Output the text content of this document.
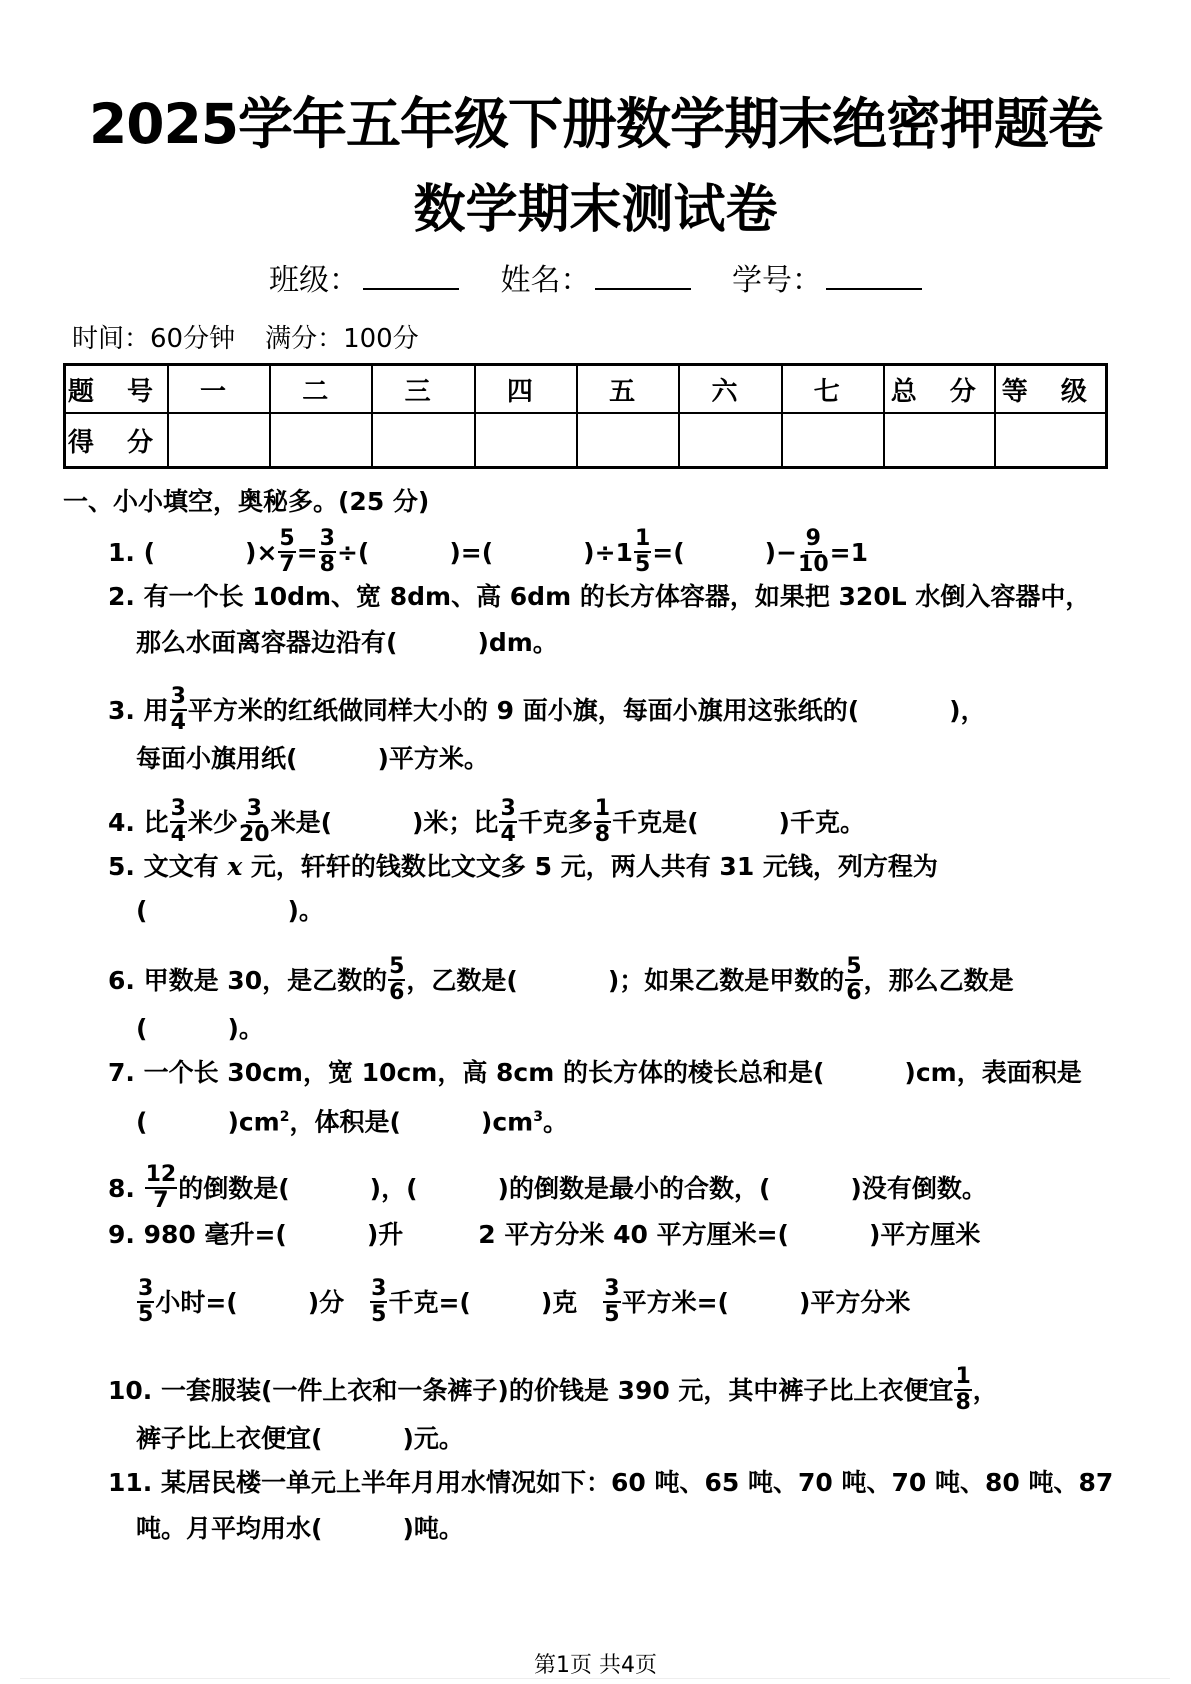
2025学年五年级下册数学期末绝密押题卷
数学期末测试卷
班级：	姓名：	学号：
时间：60分钟 满分：100分
题 号	一	二	三	四	五	六	七	总 分	等 级
得 分									
一、小小填空，奥秘多。(25 分)
1. (	)× $\frac{5}{7} = \frac{3}{8}$ ÷(	)=(	)$\div 1 \frac{1}{5}$ =(	)− $\frac{9}{10} =1$
2. 有一个长 10dm、宽 8dm、高 6dm 的长方体容器，如果把 320L 水倒入容器中，
那么水面离容器边沿有(	)dm。
3. 用 $\frac{3}{4}$ 平方米的红纸做同样大小的 9 面小旗，每面小旗用这张纸的(	)，
每面小旗用纸(	)平方米。
4. 比 $\frac{3}{4}$ 米少 $\frac{3}{20}$ 米是(	)米；比 $\frac{3}{4}$ 千克多 $\frac{1}{8}$ 千克是(	)千克。
5. 文文有 x 元，轩轩的钱数比文文多 5 元，两人共有 31 元钱，列方程为
(	)。
6. 甲数是 30，是乙数的 $\frac{5}{6}$ ，乙数是(	)；如果乙数是甲数的 $\frac{5}{6}$ ，那么乙数是
(	)。
7. 一个长 30cm，宽 10cm，高 8cm 的长方体的棱长总和是(	)cm，表面积是
(	)$cm^2$，体积是(	)$cm^3$。
8. $\frac{12}{7}$ 的倒数是(	)，(	)的倒数是最小的合数，(	)没有倒数。
9. 980 毫升=(	)升　　　2 平方分米 40 平方厘米=(	)平方厘米
$\frac{3}{5}$ 小时=(	)分　 $\frac{3}{5}$ 千克=(	)克　 $\frac{3}{5}$ 平方米=(	)平方分米
10. 一套服装(一件上衣和一条裤子)的价钱是 390 元，其中裤子比上衣便宜 $\frac{1}{8}$ ，
裤子比上衣便宜(	)元。
11. 某居民楼一单元上半年月用水情况如下：60 吨、65 吨、70 吨、70 吨、80 吨、87
吨。月平均用水(	)吨。
第1页 共4页
